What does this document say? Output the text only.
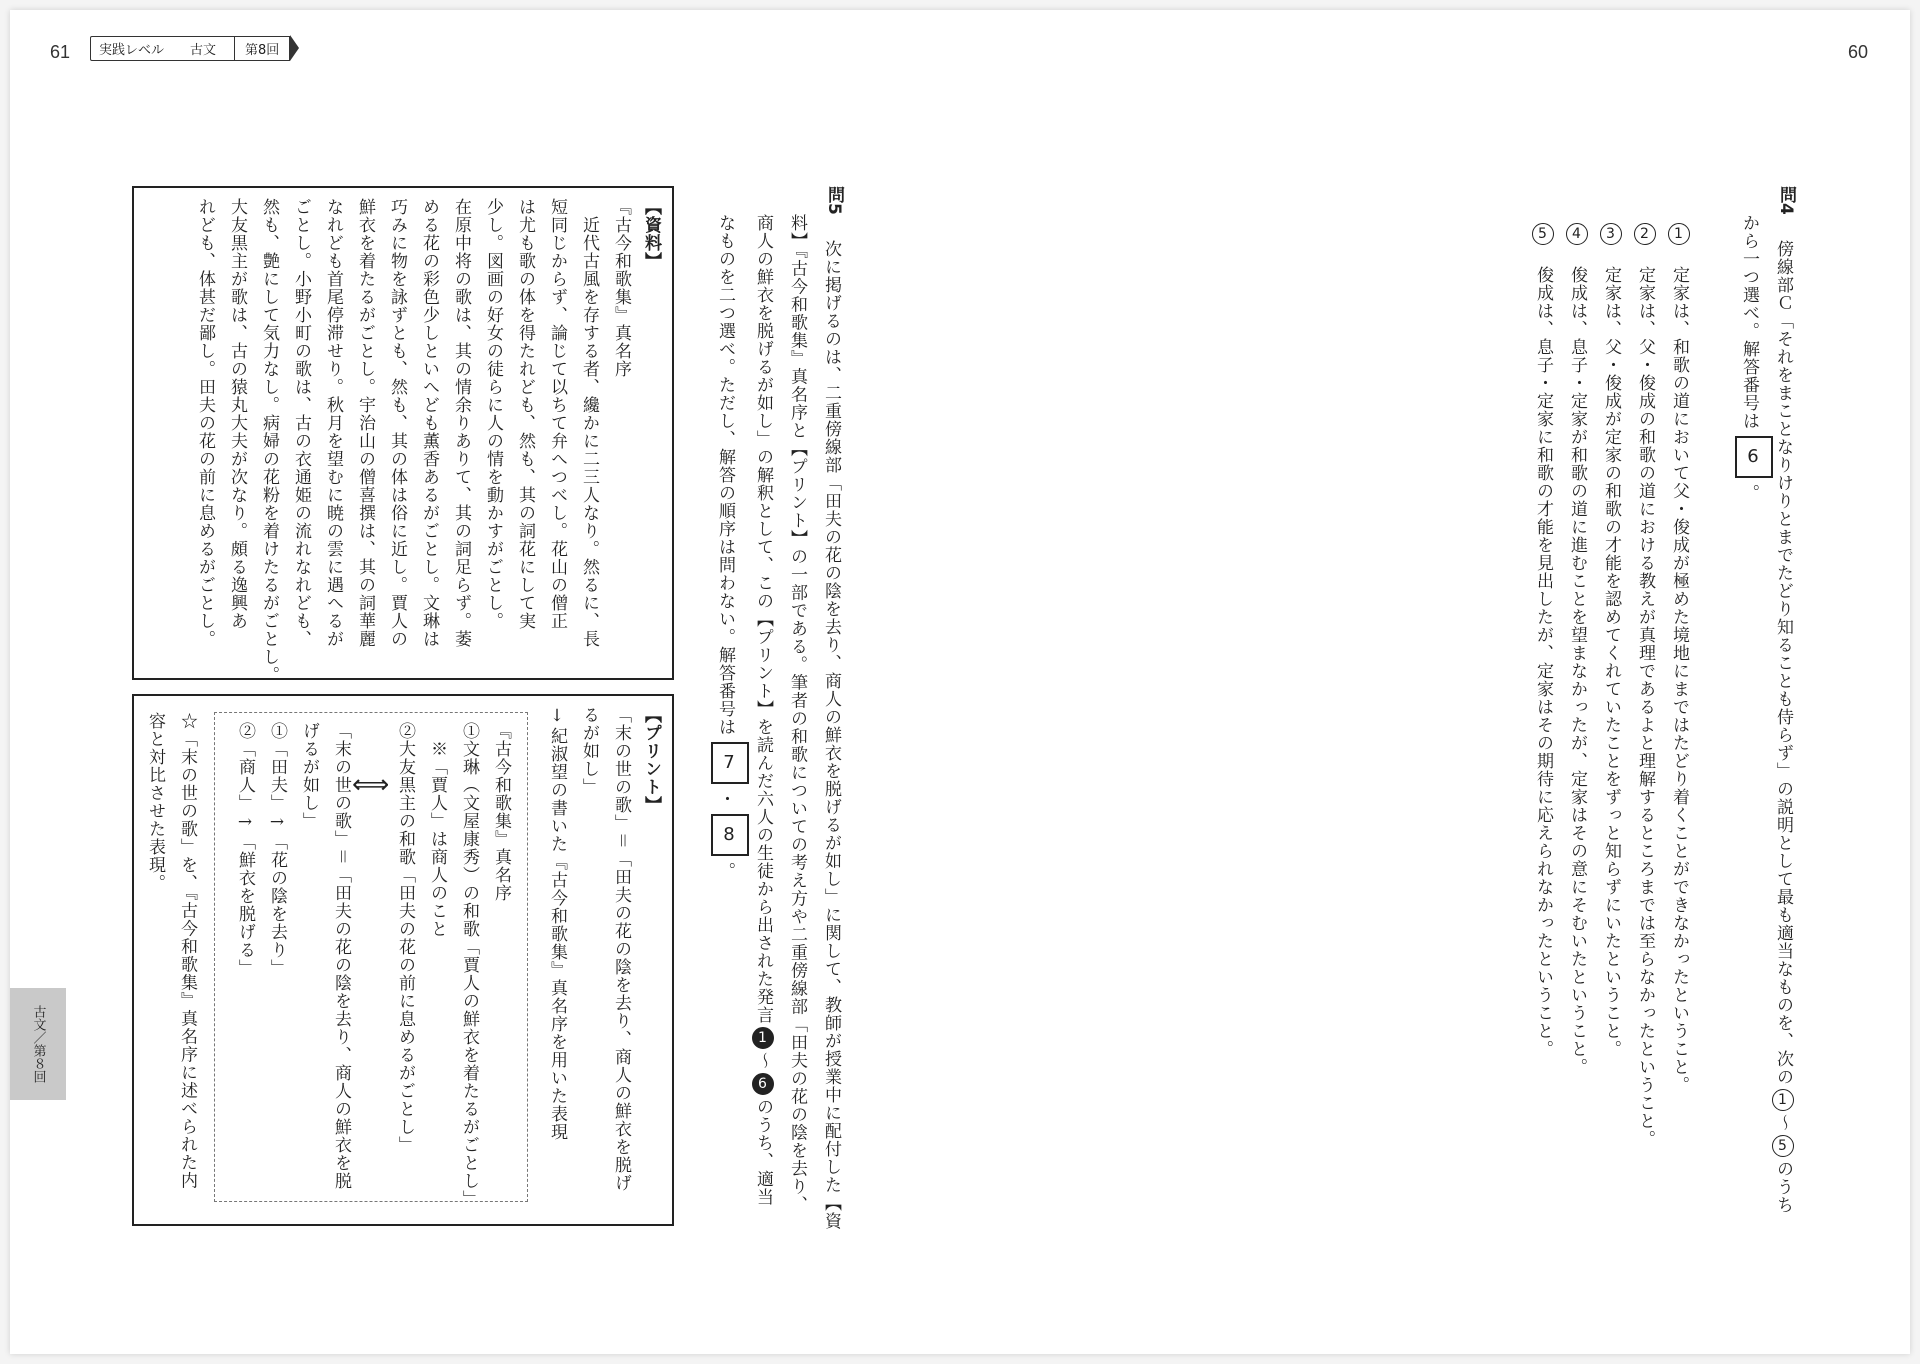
61	60
実践レベル	古文	第8回
問4
傍線部Ｃ「それをまことなりけりとまでたどり知ることも侍らず」の説明として最も適当なものを、次の1〜5のうち
から一つ選べ。解答番号は6。
1　定家は、和歌の道において父・俊成が極めた境地にまではたどり着くことができなかったということ。
2　定家は、父・俊成の和歌の道における教えが真理であるよと理解するところまでは至らなかったということ。
3　定家は、父・俊成が定家の和歌の才能を認めてくれていたことをずっと知らずにいたということ。
4　俊成は、息子・定家が和歌の道に進むことを望まなかったが、定家はその意にそむいたということ。
5　俊成は、息子・定家に和歌の才能を見出したが、定家はその期待に応えられなかったということ。
問5
次に掲げるのは、二重傍線部「田夫の花の陰を去り、商人の鮮衣を脱げるが如し」に関して、教師が授業中に配付した【資
料】『古今和歌集』真名序と【プリント】の一部である。筆者の和歌についての考え方や二重傍線部「田夫の花の陰を去り、
商人の鮮衣を脱げるが如し」の解釈として、この【プリント】を読んだ六人の生徒から出された発言1〜6のうち、適当
なものを二つ選べ。ただし、解答の順序は問わない。解答番号は7・8。
【資料】
『古今和歌集』真名序
　近代古風を存する者、纔かに二三人なり。然るに、長
短同じからず、論じて以ちて弁へつべし。花山の僧正
は尤も歌の体を得たれども、然も、其の詞花にして実
少し。図画の好女の徒らに人の情を動かすがごとし。
在原中将の歌は、其の情余りありて、其の詞足らず。萎
める花の彩色少しといへども薫香あるがごとし。文琳は
巧みに物を詠ずとも、然も、其の体は俗に近し。賈人の
鮮衣を着たるがごとし。宇治山の僧喜撰は、其の詞華麗
なれども首尾停滞せり。秋月を望むに暁の雲に遇へるが
ごとし。小野小町の歌は、古の衣通姫の流れなれども、
然も、艶にして気力なし。病婦の花粉を着けたるがごとし。
大友黒主が歌は、古の猿丸大夫が次なり。頗る逸興あ
れども、体甚だ鄙し。田夫の花の前に息めるがごとし。
【プリント】
「末の世の歌」＝「田夫の花の陰を去り、商人の鮮衣を脱げ
るが如し」
↓紀淑望の書いた『古今和歌集』真名序を用いた表現
『古今和歌集』真名序
①文琳（文屋康秀）の和歌「賈人の鮮衣を着たるがごとし」
　※「賈人」は商人のこと
②大友黒主の和歌「田夫の花の前に息めるがごとし」
⟺
「末の世の歌」＝「田夫の花の陰を去り、商人の鮮衣を脱
げるが如し」
①「田夫」→「花の陰を去り」
②「商人」→「鮮衣を脱げる」
☆「末の世の歌」を、『古今和歌集』真名序に述べられた内
容と対比させた表現。
古文／第８回
